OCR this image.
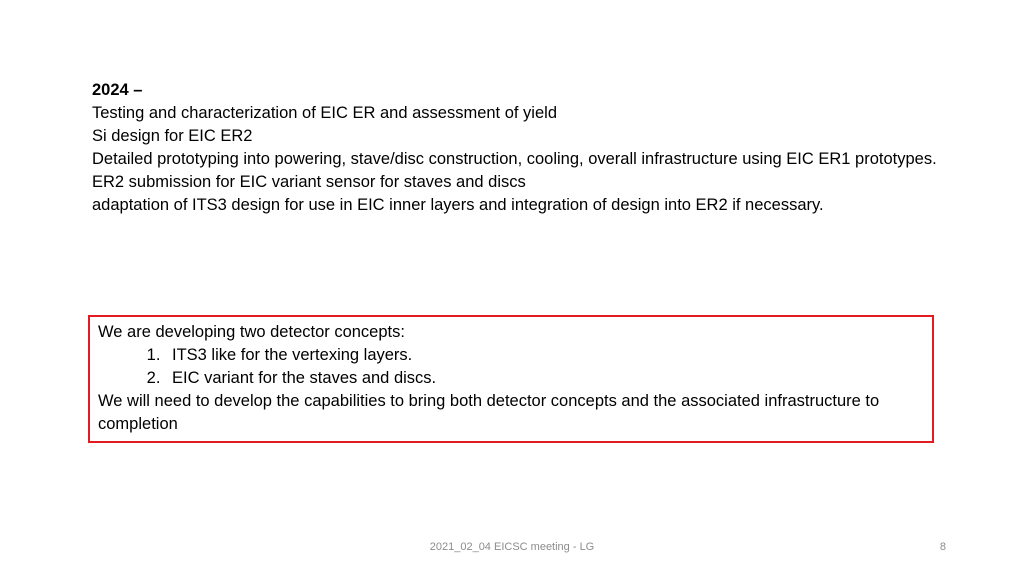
2024 –
Testing and characterization of EIC ER and assessment of yield
Si design for EIC ER2
Detailed prototyping into powering, stave/disc construction, cooling, overall infrastructure using EIC ER1 prototypes.
ER2 submission for EIC variant sensor for staves and discs
adaptation of ITS3 design for use in EIC inner layers and integration of design into ER2 if necessary.
We are developing two detector concepts:
1. ITS3 like for the vertexing layers.
2. EIC variant for the staves and discs.
We will need to develop the capabilities to bring both detector concepts and the associated infrastructure to completion
2021_02_04 EICSC meeting - LG	8
